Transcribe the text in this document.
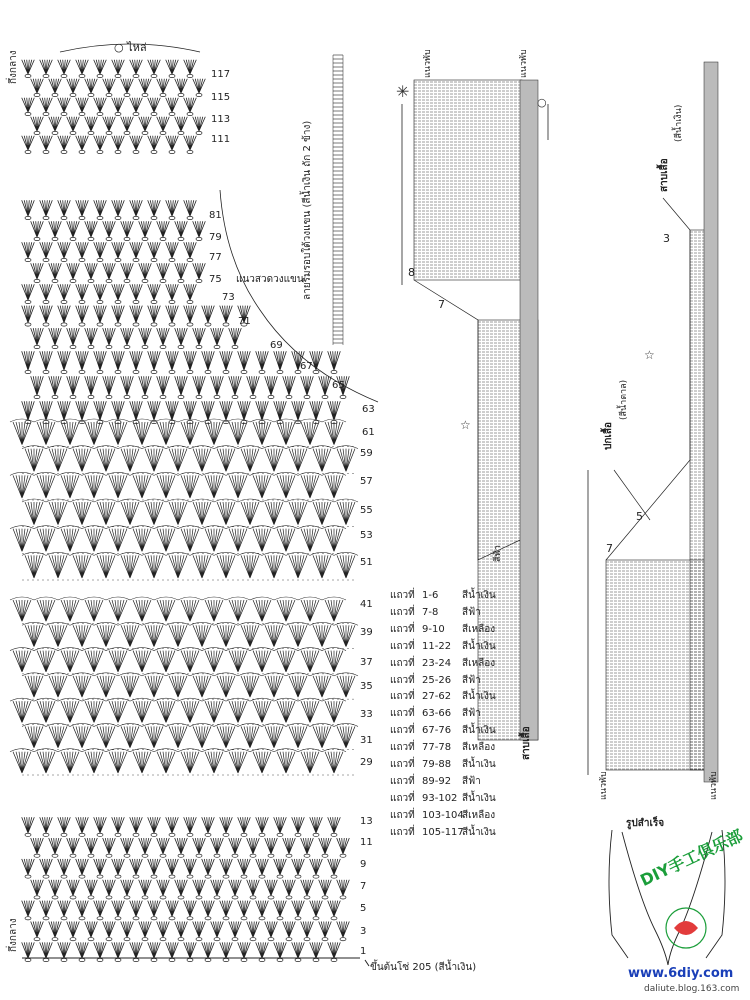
○ ไหล่
กึ่งกลาง
กึ่งกลาง
117
115
113
111
81
79
77
75
73
71
69
67
65
63
61
59
57
55
53
51
41
39
37
35
33
31
29
13
11
9
7
5
3
1
แนวสวดวงแขน
ขึ้นต้นโซ่ 205 (สีน้ำเงิน)
ลายริมรอบใต้วงแขน (สีน้ำเงิน ถัก 2 ข้าง)
แนวพับ	แนวพับ
แนวพับ	แนวพับ
สาบเสื้อ
สาบเสื้อ
(สีน้ำเงิน)
ปกเสื้อ
(สีน้ำตาล)
สีฟ้า
8
7
3
5
7
✳
☆
☆
○
แถวที่ 1-6 สีน้ำเงิน
แถวที่ 7-8 สีฟ้า
แถวที่ 9-10 สีเหลือง
แถวที่ 11-22 สีน้ำเงิน
แถวที่ 23-24 สีเหลือง
แถวที่ 25-26 สีฟ้า
แถวที่ 27-62 สีน้ำเงิน
แถวที่ 63-66 สีฟ้า
แถวที่ 67-76 สีน้ำเงิน
แถวที่ 77-78 สีเหลือง
แถวที่ 79-88 สีน้ำเงิน
แถวที่ 89-92 สีฟ้า
แถวที่ 93-102 สีน้ำเงิน
แถวที่ 103-104สีเหลือง
แถวที่ 105-117สีน้ำเงิน
รูปสำเร็จ
DIY手工俱乐部
www.6diy.com
daliute.blog.163.com
